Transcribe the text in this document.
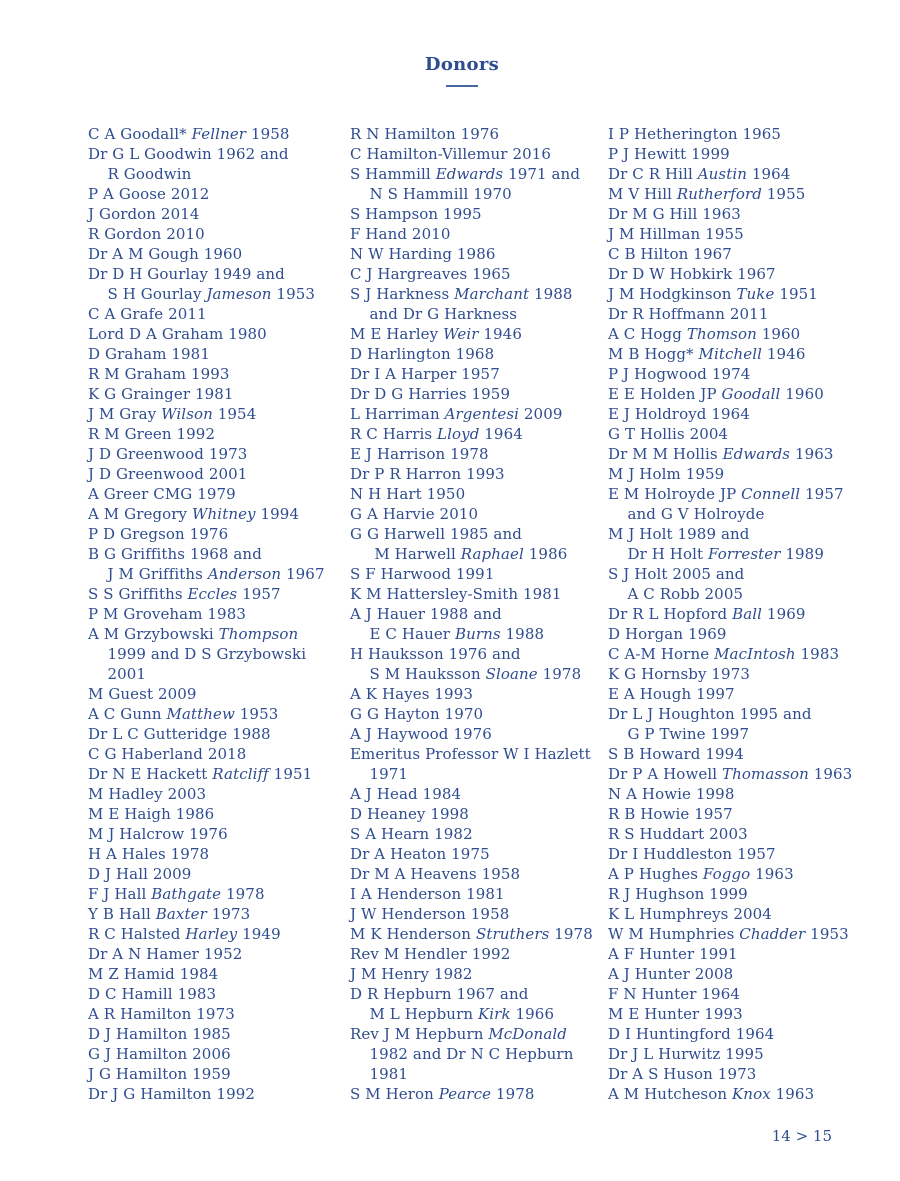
Donors
C A Goodall* Fellner 1958
Dr G L Goodwin 1962 and
R Goodwin
P A Goose 2012
J Gordon 2014
R Gordon 2010
Dr A M Gough 1960
Dr D H Gourlay 1949 and
S H Gourlay Jameson 1953
C A Grafe 2011
Lord D A Graham 1980
D Graham 1981
R M Graham 1993
K G Grainger 1981
J M Gray Wilson 1954
R M Green 1992
J D Greenwood 1973
J D Greenwood 2001
A Greer CMG 1979
A M Gregory Whitney 1994
P D Gregson 1976
B G Griffiths 1968 and
J M Griffiths Anderson 1967
S S Griffiths Eccles 1957
P M Groveham 1983
A M Grzybowski Thompson
1999 and D S Grzybowski
2001
M Guest 2009
A C Gunn Matthew 1953
Dr L C Gutteridge 1988
C G Haberland 2018
Dr N E Hackett Ratcliff 1951
M Hadley 2003
M E Haigh 1986
M J Halcrow 1976
H A Hales 1978
D J Hall 2009
F J Hall Bathgate 1978
Y B Hall Baxter 1973
R C Halsted Harley 1949
Dr A N Hamer 1952
M Z Hamid 1984
D C Hamill 1983
A R Hamilton 1973
D J Hamilton 1985
G J Hamilton 2006
J G Hamilton 1959
Dr J G Hamilton 1992
R N Hamilton 1976
C Hamilton-Villemur 2016
S Hammill Edwards 1971 and
N S Hammill 1970
S Hampson 1995
F Hand 2010
N W Harding 1986
C J Hargreaves 1965
S J Harkness Marchant 1988
and Dr G Harkness
M E Harley Weir 1946
D Harlington 1968
Dr I A Harper 1957
Dr D G Harries 1959
L Harriman Argentesi 2009
R C Harris Lloyd 1964
E J Harrison 1978
Dr P R Harron 1993
N H Hart 1950
G A Harvie 2010
G G Harwell 1985 and
M Harwell Raphael 1986
S F Harwood 1991
K M Hattersley-Smith 1981
A J Hauer 1988 and
E C Hauer Burns 1988
H Hauksson 1976 and
S M Hauksson Sloane 1978
A K Hayes 1993
G G Hayton 1970
A J Haywood 1976
Emeritus Professor W I Hazlett
1971
A J Head 1984
D Heaney 1998
S A Hearn 1982
Dr A Heaton 1975
Dr M A Heavens 1958
I A Henderson 1981
J W Henderson 1958
M K Henderson Struthers 1978
Rev M Hendler 1992
J M Henry 1982
D R Hepburn 1967 and
M L Hepburn Kirk 1966
Rev J M Hepburn McDonald
1982 and Dr N C Hepburn
1981
S M Heron Pearce 1978
I P Hetherington 1965
P J Hewitt 1999
Dr C R Hill Austin 1964
M V Hill Rutherford 1955
Dr M G Hill 1963
J M Hillman 1955
C B Hilton 1967
Dr D W Hobkirk 1967
J M Hodgkinson Tuke 1951
Dr R Hoffmann 2011
A C Hogg Thomson 1960
M B Hogg* Mitchell 1946
P J Hogwood 1974
E E Holden JP Goodall 1960
E J Holdroyd 1964
G T Hollis 2004
Dr M M Hollis Edwards 1963
M J Holm 1959
E M Holroyde JP Connell 1957
and G V Holroyde
M J Holt 1989 and
Dr H Holt Forrester 1989
S J Holt 2005 and
A C Robb 2005
Dr R L Hopford Ball 1969
D Horgan 1969
C A-M Horne MacIntosh 1983
K G Hornsby 1973
E A Hough 1997
Dr L J Houghton 1995 and
G P Twine 1997
S B Howard 1994
Dr P A Howell Thomasson 1963
N A Howie 1998
R B Howie 1957
R S Huddart 2003
Dr I Huddleston 1957
A P Hughes Foggo 1963
R J Hughson 1999
K L Humphreys 2004
W M Humphries Chadder 1953
A F Hunter 1991
A J Hunter 2008
F N Hunter 1964
M E Hunter 1993
D I Huntingford 1964
Dr J L Hurwitz 1995
Dr A S Huson 1973
A M Hutcheson Knox 1963
14 > 15
